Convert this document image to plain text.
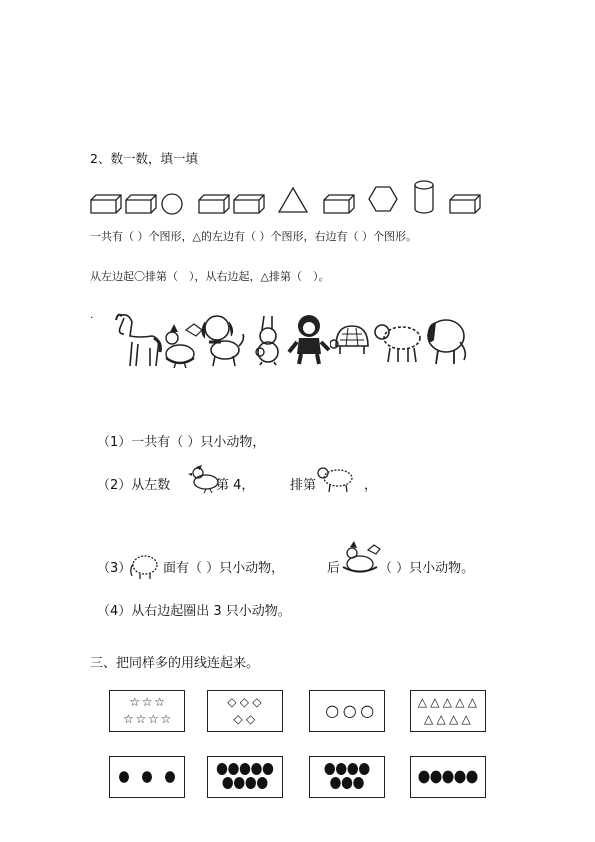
2、数一数，填一填
一共有（ ）个图形，△的左边有（ ）个图形，右边有（ ）个图形。
从左边起〇排第（　），从右边起，△排第（　）。
.
（1）一共有（ ）只小动物，
（2）从左数	第 4，	排第	，
（3） 面有（ ）只小动物，	后	（ ）只小动物。
（4）从右边起圈出 3 只小动物。
三、把同样多的用线连起来。
☆ ☆ ☆
☆ ☆ ☆ ☆
◇ ◇ ◇
◇ ◇	○ ○ ○	△ △ △ △ △
△ △ △ △
